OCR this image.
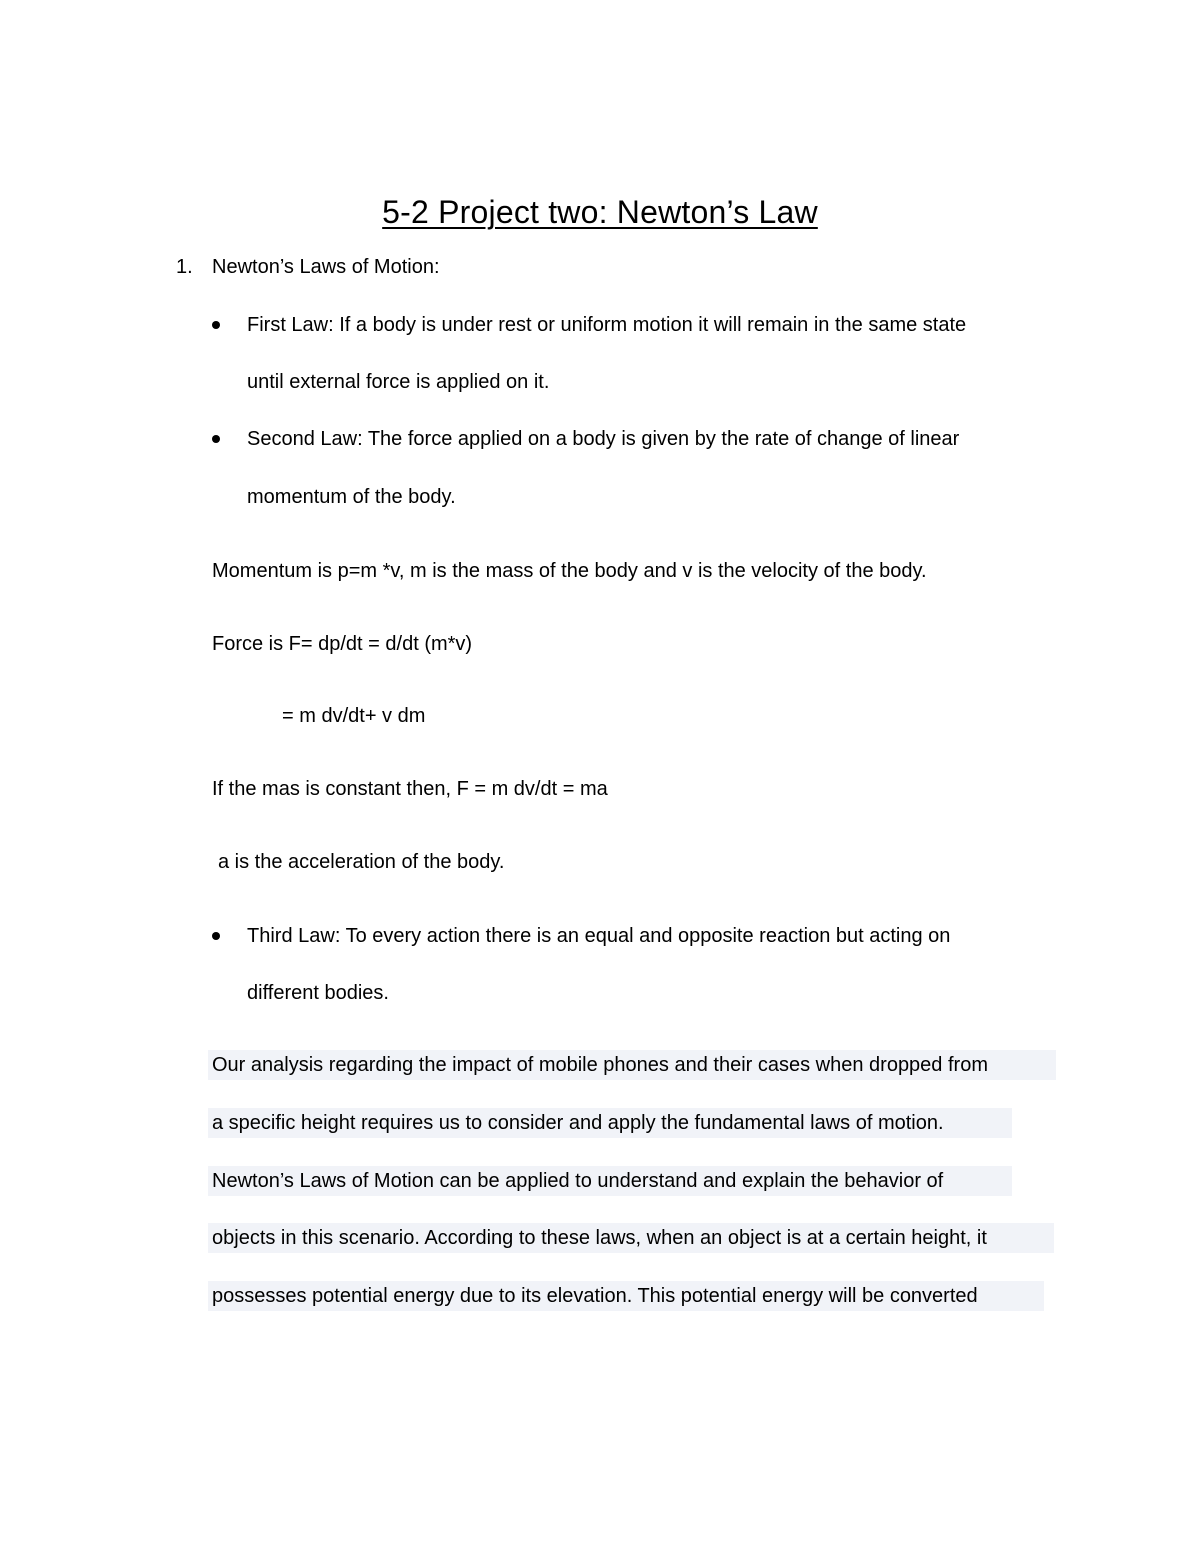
5-2 Project two: Newton’s Law
1. Newton’s Laws of Motion:
First Law: If a body is under rest or uniform motion it will remain in the same state
until external force is applied on it.
Second Law: The force applied on a body is given by the rate of change of linear
momentum of the body.
Momentum is p=m *v, m is the mass of the body and v is the velocity of the body.
Force is F= dp/dt = d/dt (m*v)
= m dv/dt+ v dm
If the mas is constant then, F = m dv/dt = ma
a is the acceleration of the body.
Third Law: To every action there is an equal and opposite reaction but acting on
different bodies.
Our analysis regarding the impact of mobile phones and their cases when dropped from
a specific height requires us to consider and apply the fundamental laws of motion.
Newton’s Laws of Motion can be applied to understand and explain the behavior of
objects in this scenario. According to these laws, when an object is at a certain height, it
possesses potential energy due to its elevation. This potential energy will be converted
